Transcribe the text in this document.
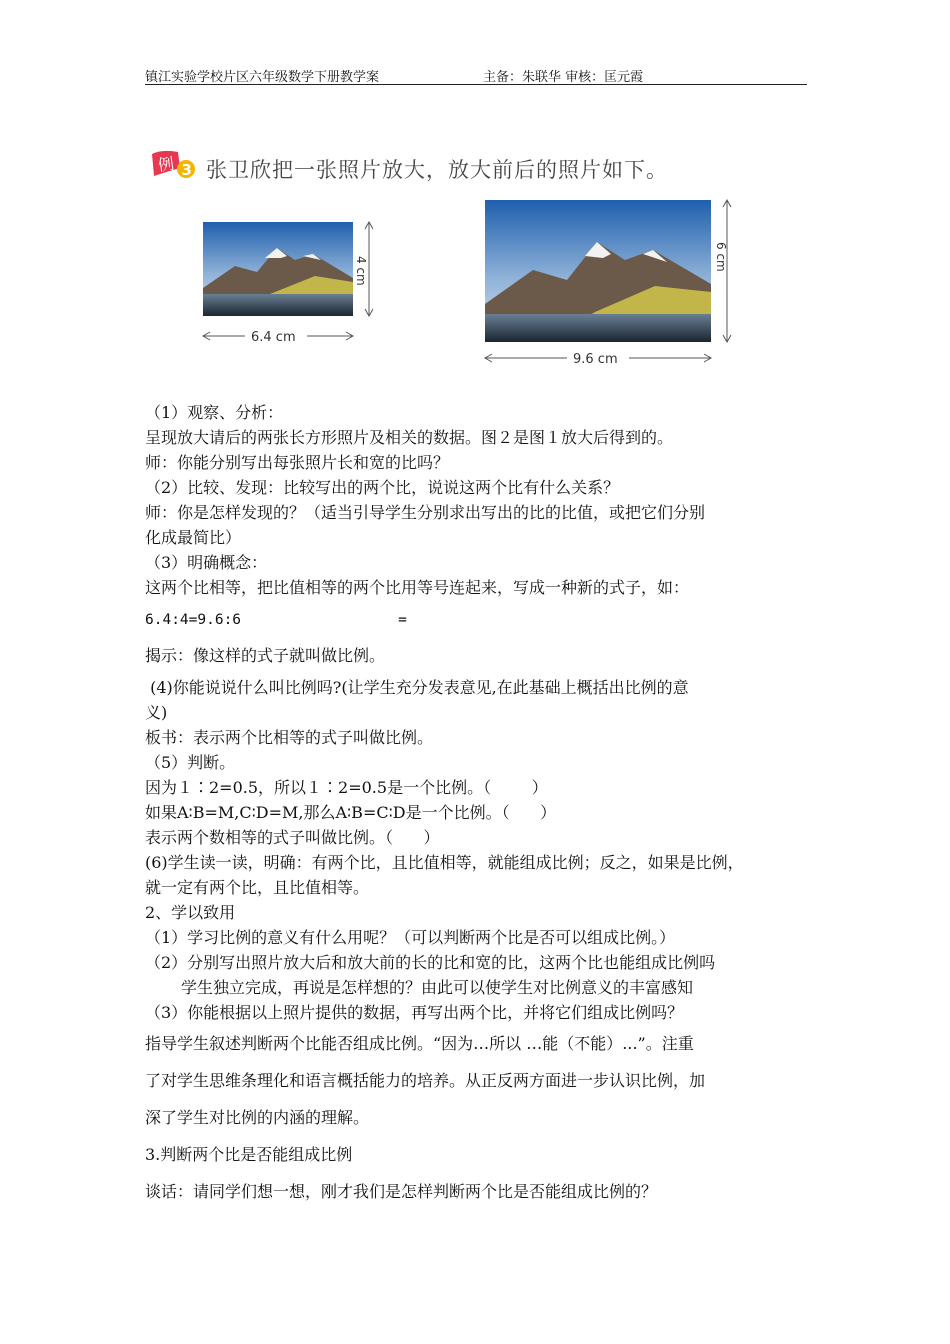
镇江实验学校片区六年级数学下册教学案	主备：朱联华 审核：匡元霞
例 3 张卫欣把一张照片放大，放大前后的照片如下。
4 cm
6.4 cm
6 cm
9.6 cm
（1）观察、分析：
呈现放大请后的两张长方形照片及相关的数据。图２是图１放大后得到的。
师：你能分别写出每张照片长和宽的比吗？
（2）比较、发现：比较写出的两个比，说说这两个比有什么关系？
师：你是怎样发现的？（适当引导学生分别求出写出的比的比值，或把它们分别
化成最简比）
（3）明确概念：
这两个比相等，把比值相等的两个比用等号连起来，写成一种新的式子，如：
6.4:4=9.6:6                  =
揭示：像这样的式子就叫做比例。
(4)你能说说什么叫比例吗?(让学生充分发表意见,在此基础上概括出比例的意
义)
板书：表示两个比相等的式子叫做比例。
（5）判断。
因为１∶2=0.5，所以１∶2=0.5是一个比例。（        ）
如果A∶B=M,C∶D=M,那么A∶B=C∶D是一个比例。（      ）
表示两个数相等的式子叫做比例。（      ）
(6)学生读一读，明确：有两个比，且比值相等，就能组成比例；反之，如果是比例，
就一定有两个比，且比值相等。
2、学以致用
（1）学习比例的意义有什么用呢？（可以判断两个比是否可以组成比例。）
（2）分别写出照片放大后和放大前的长的比和宽的比，这两个比也能组成比例吗
学生独立完成，再说是怎样想的？由此可以使学生对比例意义的丰富感知
（3）你能根据以上照片提供的数据，再写出两个比，并将它们组成比例吗？
指导学生叙述判断两个比能否组成比例。“因为…所以 …能（不能）...”。注重
了对学生思维条理化和语言概括能力的培养。从正反两方面进一步认识比例，加
深了学生对比例的内涵的理解。
3.判断两个比是否能组成比例
谈话：请同学们想一想，刚才我们是怎样判断两个比是否能组成比例的？
